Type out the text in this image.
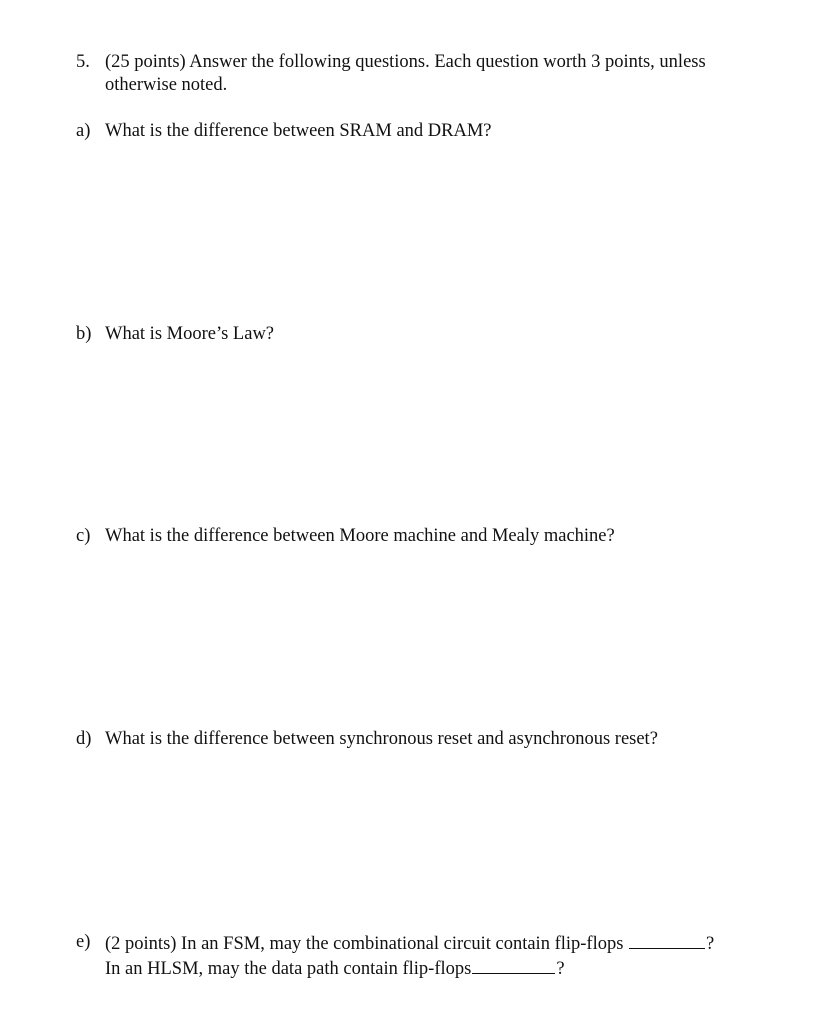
5. (25 points) Answer the following questions. Each question worth 3 points, unless
otherwise noted.
a) What is the difference between SRAM and DRAM?
b) What is Moore’s Law?
c) What is the difference between Moore machine and Mealy machine?
d) What is the difference between synchronous reset and asynchronous reset?
e) (2 points) In an FSM, may the combinational circuit contain flip-flops	?
In an HLSM, may the data path contain flip-flops	?
